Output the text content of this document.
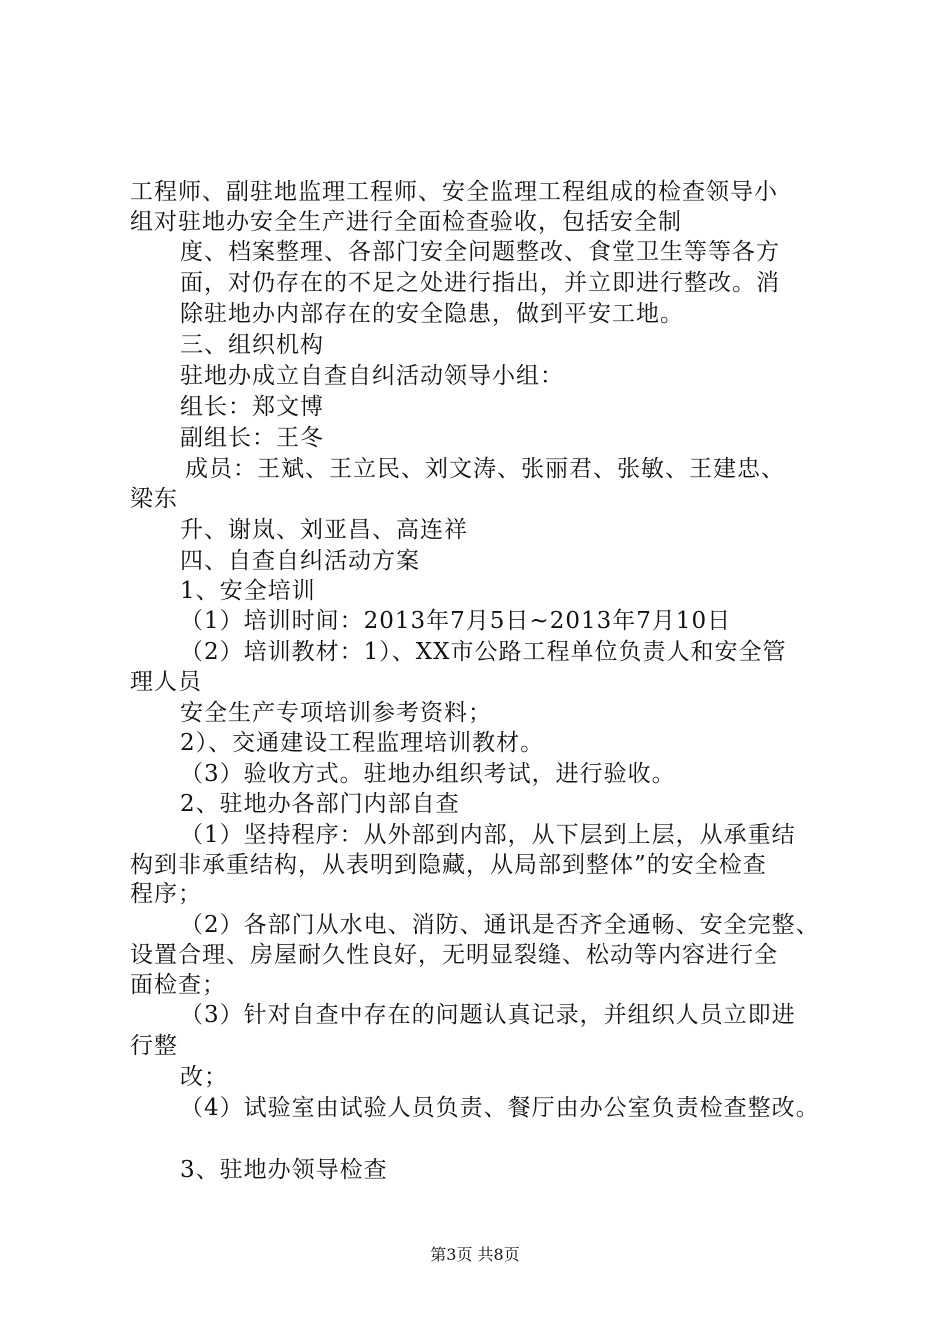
工程师、副驻地监理工程师、安全监理工程组成的检查领导小
组对驻地办安全生产进行全面检查验收，包括安全制
度、档案整理、各部门安全问题整改、食堂卫生等等各方
面，对仍存在的不足之处进行指出，并立即进行整改。消
除驻地办内部存在的安全隐患，做到平安工地。
三、组织机构
驻地办成立自查自纠活动领导小组：
组长：郑文博
副组长：王冬
成员：王斌、王立民、刘文涛、张丽君、张敏、王建忠、
梁东
升、谢岚、刘亚昌、高连祥
四、自查自纠活动方案
1、安全培训
（1）培训时间：2013年7月5日~2013年7月10日
（2）培训教材：1）、XX市公路工程单位负责人和安全管
理人员
安全生产专项培训参考资料；
2）、交通建设工程监理培训教材。
（3）验收方式。驻地办组织考试，进行验收。
2、驻地办各部门内部自查
（1）坚持程序：从外部到内部，从下层到上层，从承重结
构到非承重结构，从表明到隐藏，从局部到整体”的安全检查
程序；
（2）各部门从水电、消防、通讯是否齐全通畅、安全完整、
设置合理、房屋耐久性良好，无明显裂缝、松动等内容进行全
面检查；
（3）针对自查中存在的问题认真记录，并组织人员立即进
行整
改；
（4）试验室由试验人员负责、餐厅由办公室负责检查整改。
3、驻地办领导检查
第3页 共8页
